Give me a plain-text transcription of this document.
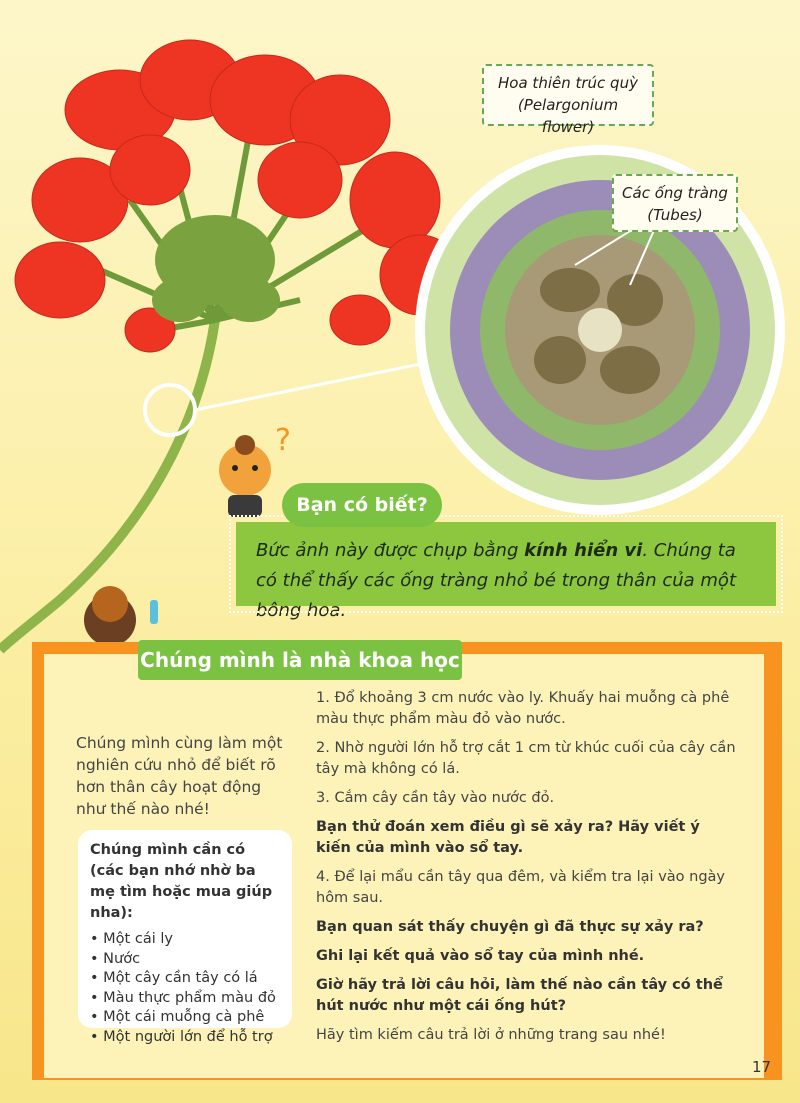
?
Hoa thiên trúc quỳ (Pelargonium flower)
Các ống tràng
(Tubes)
Bức ảnh này được chụp bằng kính hiển vi. Chúng ta có thể thấy các ống tràng nhỏ bé trong thân của một bông hoa.
Bạn có biết?
Chúng mình là nhà khoa học
Chúng mình cùng làm một nghiên cứu nhỏ để biết rõ hơn thân cây hoạt động như thế nào nhé!
Chúng mình cần có (các bạn nhớ nhờ ba mẹ tìm hoặc mua giúp nha):
• Một cái ly
• Nước
• Một cây cần tây có lá
• Màu thực phẩm màu đỏ
• Một cái muỗng cà phê
• Một người lớn để hỗ trợ

1. Đổ khoảng 3 cm nước vào ly. Khuấy hai muỗng cà phê màu thực phẩm màu đỏ vào nước.

2. Nhờ người lớn hỗ trợ cắt 1 cm từ khúc cuối của cây cần tây mà không có lá.

3. Cắm cây cần tây vào nước đỏ.

Bạn thử đoán xem điều gì sẽ xảy ra? Hãy viết ý kiến của mình vào sổ tay.

4. Để lại mẩu cần tây qua đêm, và kiểm tra lại vào ngày hôm sau.

Bạn quan sát thấy chuyện gì đã thực sự xảy ra?

Ghi lại kết quả vào sổ tay của mình nhé.

Giờ hãy trả lời câu hỏi, làm thế nào cần tây có thể hút nước như một cái ống hút?

Hãy tìm kiếm câu trả lời ở những trang sau nhé!

17
